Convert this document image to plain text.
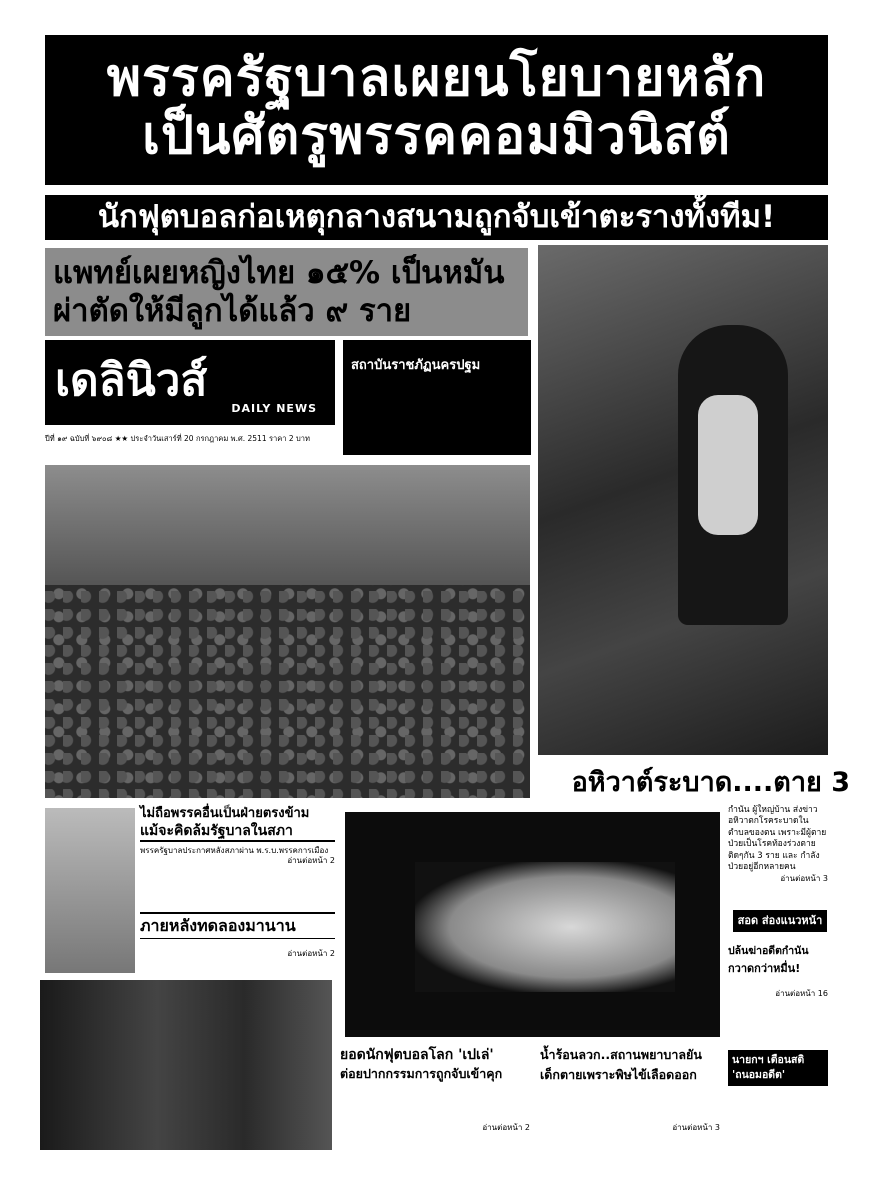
พรรครัฐบาลเผยนโยบายหลัก
เป็นศัตรูพรรคคอมมิวนิสต์
นักฟุตบอลก่อเหตุกลางสนามถูกจับเข้าตะรางทั้งทีม!
แพทย์เผยหญิงไทย ๑๕% เป็นหมัน
ผ่าตัดให้มีลูกได้แล้ว ๙ ราย
เดลินิวส์
DAILY NEWS
สถาบันราชภัฏนครปฐม
ปีที่ ๑๙ ฉบับที่ ๖๙๐๘ ★★ ประจำวันเสาร์ที่ 20 กรกฎาคม พ.ศ. 2511 ราคา 2 บาท
อหิวาต์ระบาด....ตาย 3
ไม่ถือพรรคอื่นเป็นฝ่ายตรงข้าม
แม้จะคิดล้มรัฐบาลในสภา
พรรครัฐบาลประกาศหลังสภาผ่าน พ.ร.บ.พรรคการเมือง
อ่านต่อหน้า 2
ภายหลังทดลองมานาน
อ่านต่อหน้า 2
กำนัน ผู้ใหญ่บ้าน ส่งข่าวอหิวาตกโรคระบาดใน ตำบลของตน เพราะมีผู้ตาย ป่วยเป็นโรคท้องร่วงตาย ติดๆกัน 3 ราย และ กำลังป่วยอยู่อีกหลายคน
อ่านต่อหน้า 3
สอด ส่องแนวหน้า
ปล้นฆ่าอดีตกำนัน
กวาดกว่าหมื่น!
อ่านต่อหน้า 16
ยอดนักฟุตบอลโลก 'เปเล่'
ต่อยปากกรรมการถูกจับเข้าคุก
อ่านต่อหน้า 2
น้ำร้อนลวก..สถานพยาบาลยัน
เด็กตายเพราะพิษไข้เลือดออก
อ่านต่อหน้า 3
นายกฯ เตือนสติ
'ถนอมอดีต'
